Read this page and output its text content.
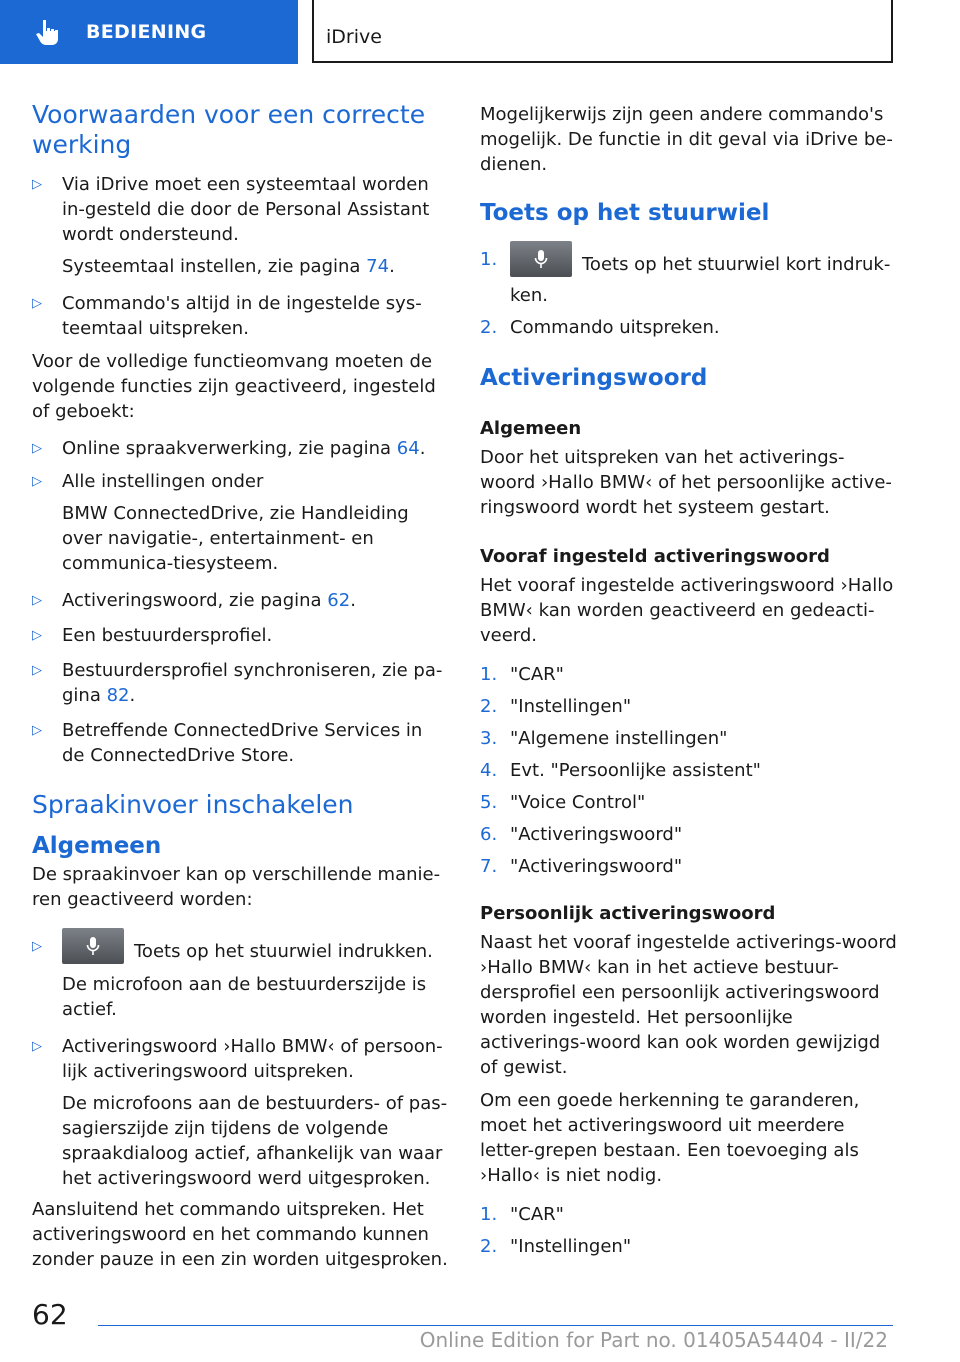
BEDIENING	iDrive
Voorwaarden voor een correcte werking
▷
Via iDrive moet een systeemtaal worden in-gesteld die door de Personal Assistant wordt ondersteund.
Systeemtaal instellen, zie pagina 74.
▷
Commando's altijd in de ingestelde sys-teemtaal uitspreken.

Voor de volledige functieomvang moeten de volgende functies zijn geactiveerd, ingesteld of geboekt:

▷
Online spraakverwerking, zie pagina 64.
▷
Alle instellingen onder
BMW ConnectedDrive, zie Handleiding over navigatie-, entertainment- en communica-tiesysteem.
▷
Activeringswoord, zie pagina 62.
▷
Een bestuurdersprofiel.
▷
Bestuurdersprofiel synchroniseren, zie pa-gina 82.
▷
Betreffende ConnectedDrive Services in de ConnectedDrive Store.
Spraakinvoer inschakelen
Algemeen

De spraakinvoer kan op verschillende manie-ren geactiveerd worden:

▷
Toets op het stuurwiel indrukken.
De microfoon aan de bestuurderszijde is actief.
▷
Activeringswoord ›Hallo BMW‹ of persoon-lijk activeringswoord uitspreken.
De microfoons aan de bestuurders- of pas-sagierszijde zijn tijdens de volgende spraakdialoog actief, afhankelijk van waar het activeringswoord werd uitgesproken.

Aansluitend het commando uitspreken. Het activeringswoord en het commando kunnen zonder pauze in een zin worden uitgesproken.

Mogelijkerwijs zijn geen andere commando's mogelijk. De functie in dit geval via iDrive be-dienen.

Toets op het stuurwiel
1.	Toets op het stuurwiel kort indruk-ken.
2. Commando uitspreken.
Activeringswoord
Algemeen

Door het uitspreken van het activerings-woord ›Hallo BMW‹ of het persoonlijke active-ringswoord wordt het systeem gestart.

Vooraf ingesteld activeringswoord

Het vooraf ingestelde activeringswoord ›Hallo BMW‹ kan worden geactiveerd en gedeacti-veerd.

1. "CAR"
2. "Instellingen"
3. "Algemene instellingen"
4. Evt. "Persoonlijke assistent"
5. "Voice Control"
6. "Activeringswoord"
7. "Activeringswoord"
Persoonlijk activeringswoord

Naast het vooraf ingestelde activerings-woord ›Hallo BMW‹ kan in het actieve bestuur-dersprofiel een persoonlijk activeringswoord worden ingesteld. Het persoonlijke activerings-woord kan ook worden gewijzigd of gewist.

Om een goede herkenning te garanderen, moet het activeringswoord uit meerdere letter-grepen bestaan. Een toevoeging als ›Hallo‹ is niet nodig.

1. "CAR"
2. "Instellingen"
62
Online Edition for Part no. 01405A54404 - II/22
